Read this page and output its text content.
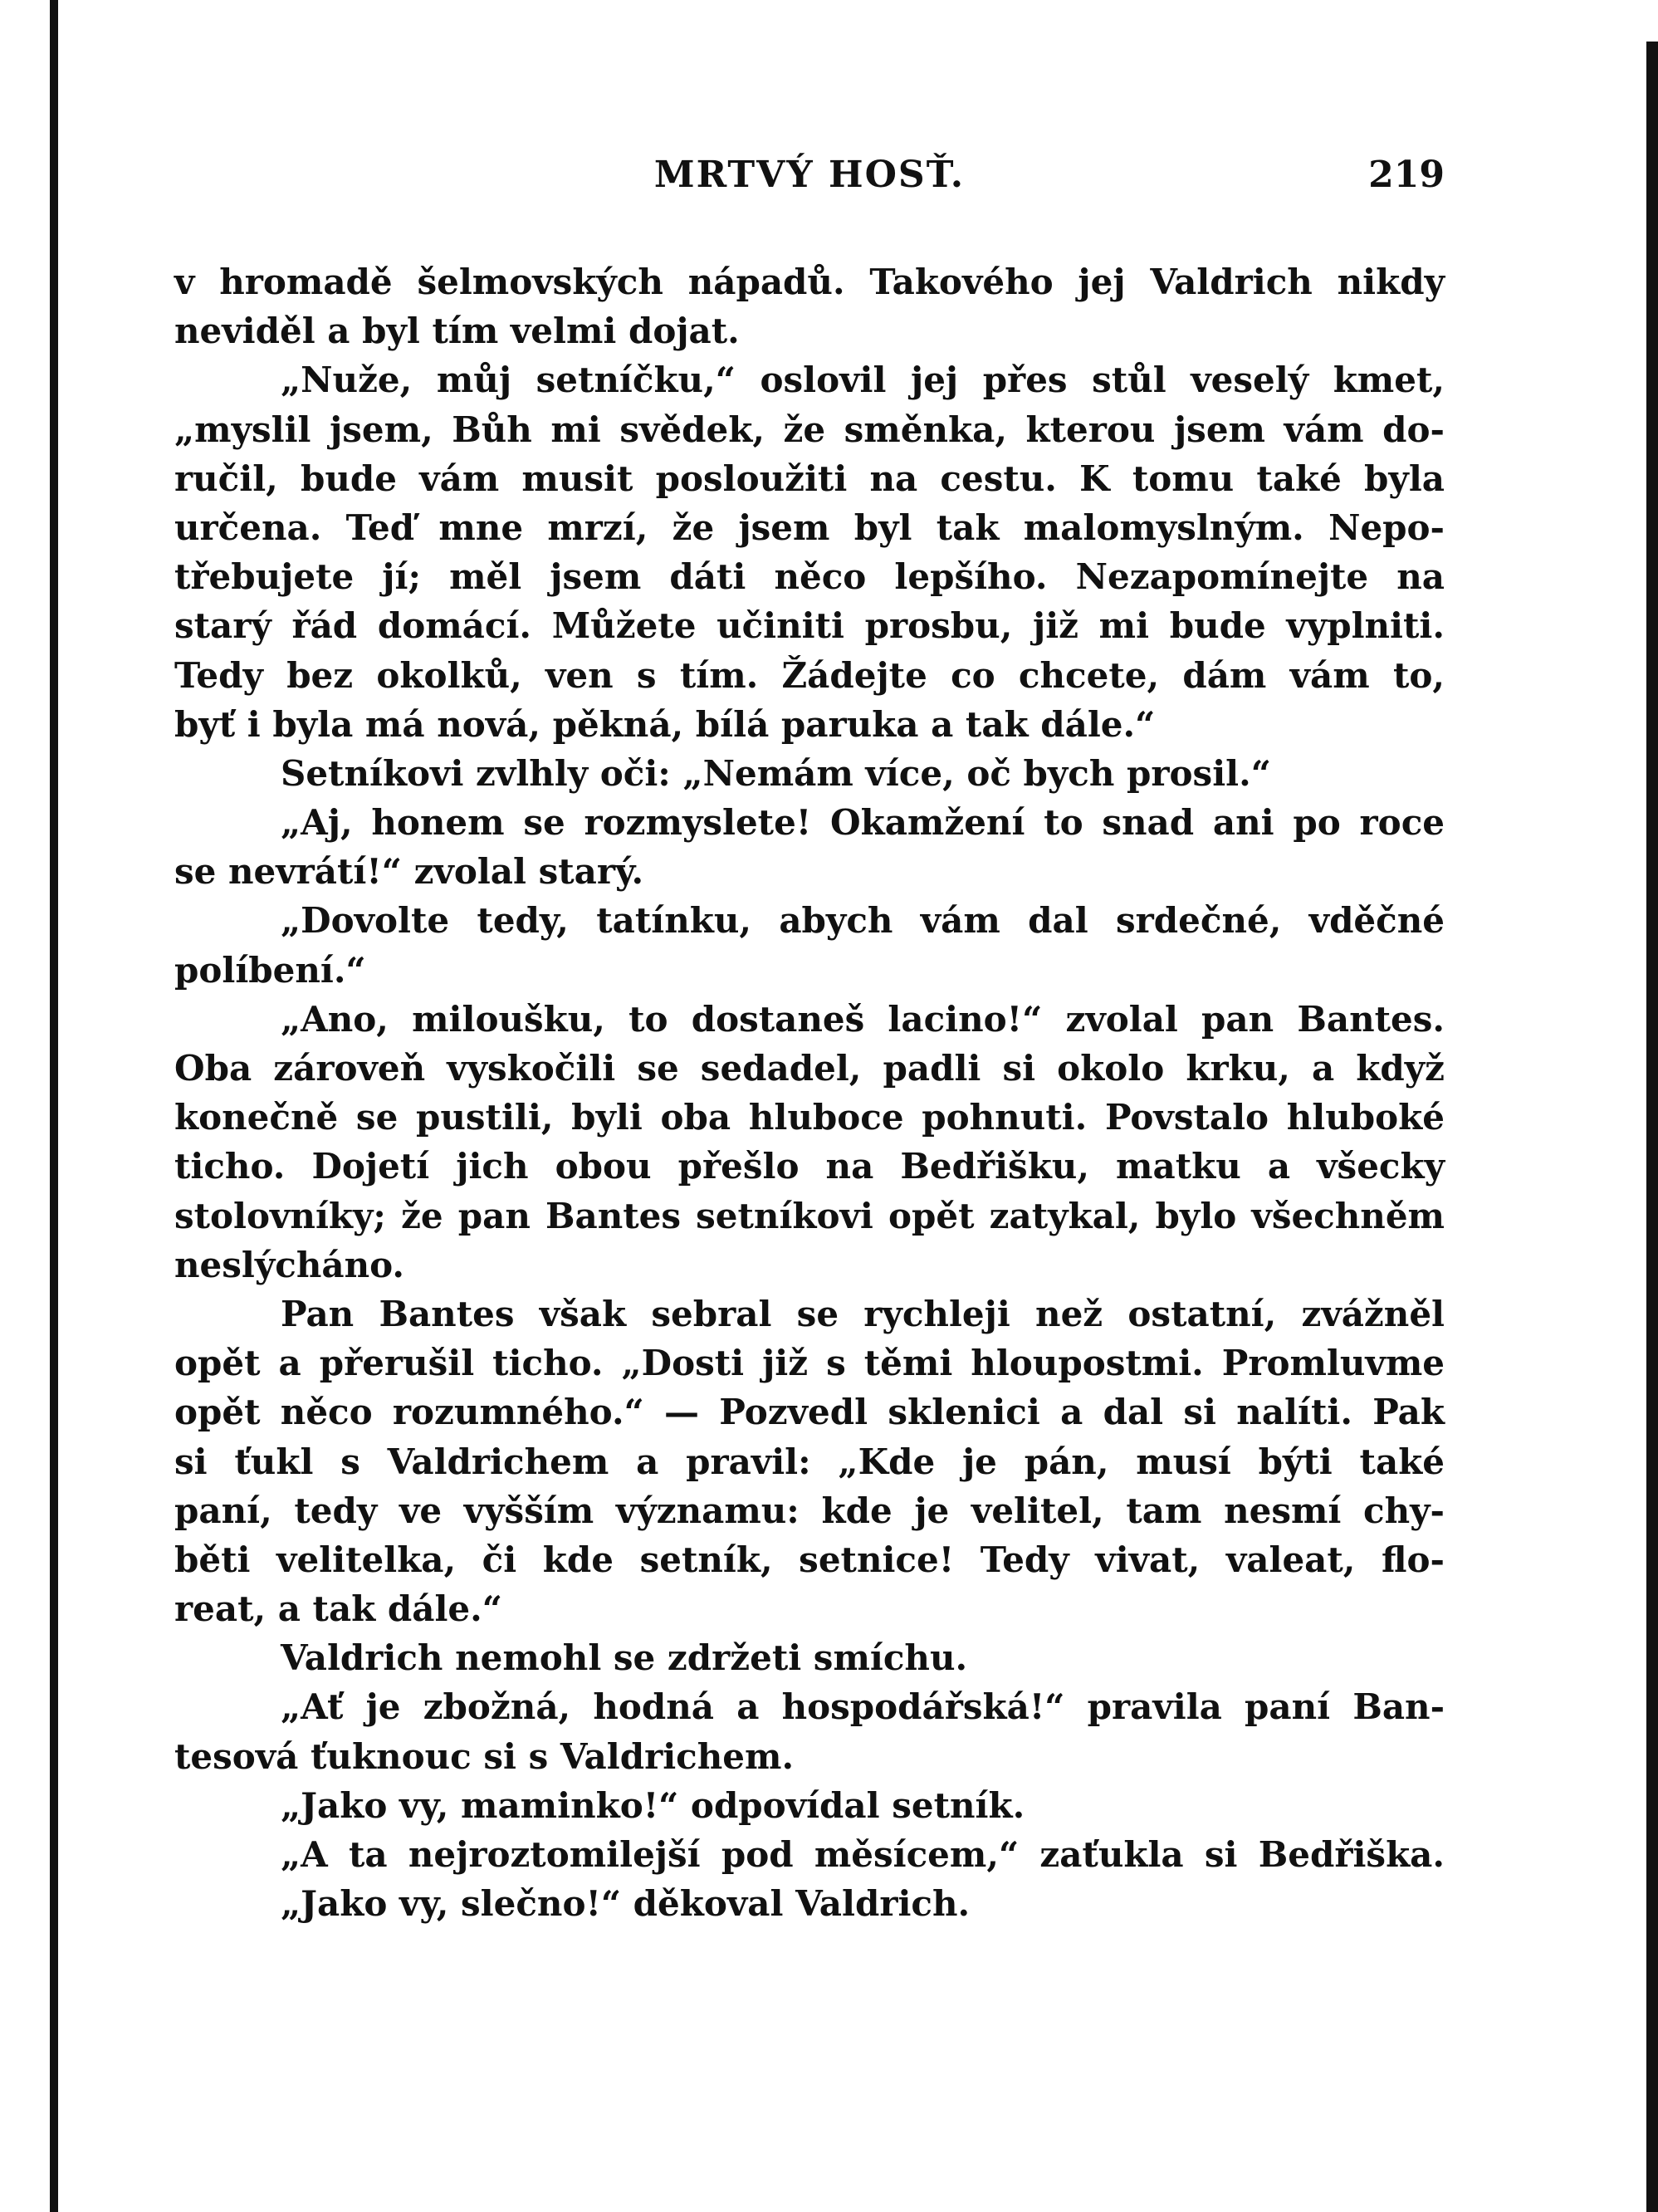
MRTVÝ HOSŤ.	219
v hromadě šelmovských nápadů. Takového jej Valdrich nikdy
neviděl a byl tím velmi dojat.
„Nuže, můj setníčku,“ oslovil jej přes stůl veselý kmet,
„myslil jsem, Bůh mi svědek, že směnka, kterou jsem vám do-
ručil, bude vám musit posloužiti na cestu. K tomu také byla
určena. Teď mne mrzí, že jsem byl tak malomyslným. Nepo-
třebujete jí; měl jsem dáti něco lepšího. Nezapomínejte na
starý řád domácí. Můžete učiniti prosbu, již mi bude vyplniti.
Tedy bez okolků, ven s tím. Žádejte co chcete, dám vám to,
byť i byla má nová, pěkná, bílá paruka a tak dále.“
Setníkovi zvlhly oči: „Nemám více, oč bych prosil.“
„Aj, honem se rozmyslete! Okamžení to snad ani po roce
se nevrátí!“ zvolal starý.
„Dovolte tedy, tatínku, abych vám dal srdečné, vděčné
políbení.“
„Ano, miloušku, to dostaneš lacino!“ zvolal pan Bantes.
Oba zároveň vyskočili se sedadel, padli si okolo krku, a když
konečně se pustili, byli oba hluboce pohnuti. Povstalo hluboké
ticho. Dojetí jich obou přešlo na Bedřišku, matku a všecky
stolovníky; že pan Bantes setníkovi opět zatykal, bylo všechněm
neslýcháno.
Pan Bantes však sebral se rychleji než ostatní, zvážněl
opět a přerušil ticho. „Dosti již s těmi hloupostmi. Promluvme
opět něco rozumného.“ — Pozvedl sklenici a dal si nalíti. Pak
si ťukl s Valdrichem a pravil: „Kde je pán, musí býti také
paní, tedy ve vyšším významu: kde je velitel, tam nesmí chy-
běti velitelka, či kde setník, setnice! Tedy vivat, valeat, flo-
reat, a tak dále.“
Valdrich nemohl se zdržeti smíchu.
„Ať je zbožná, hodná a hospodářská!“ pravila paní Ban-
tesová ťuknouc si s Valdrichem.
„Jako vy, maminko!“ odpovídal setník.
„A ta nejroztomilejší pod měsícem,“ zaťukla si Bedřiška.
„Jako vy, slečno!“ děkoval Valdrich.
